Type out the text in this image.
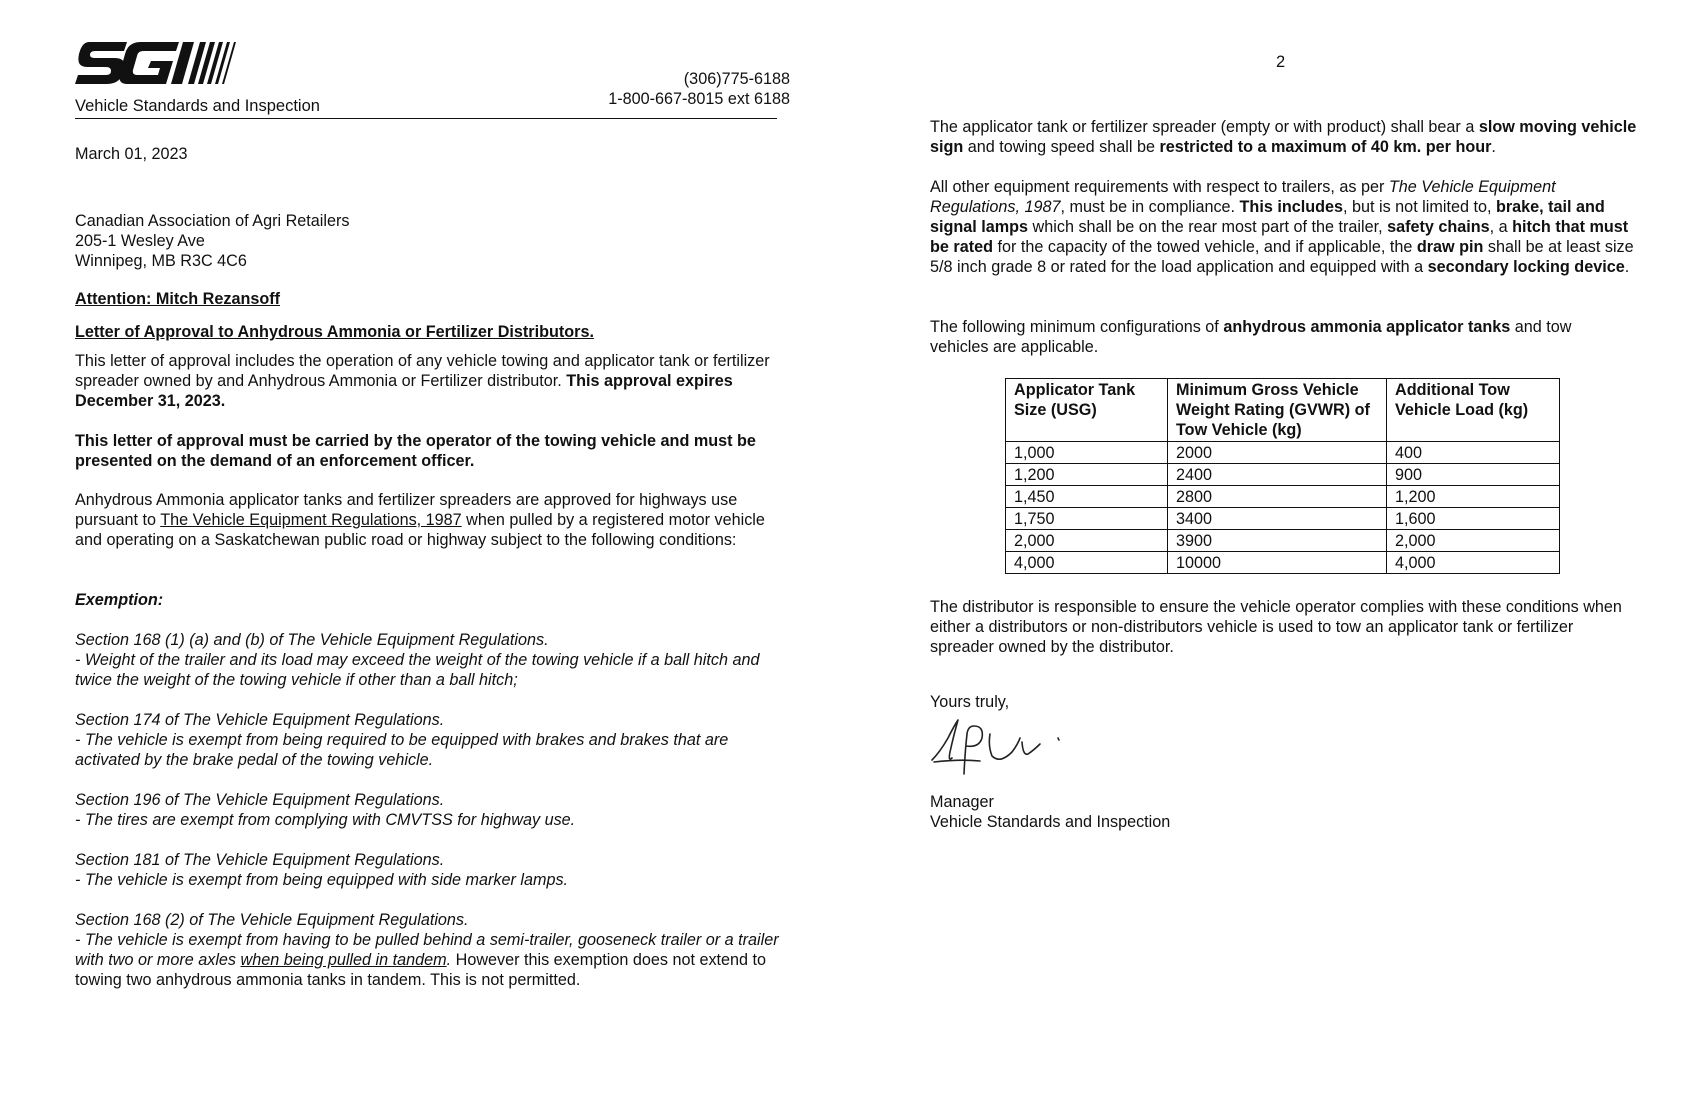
Vehicle Standards and Inspection
(306)775-6188
1-800-667-8015 ext 6188

March 01, 2023

Canadian Association of Agri Retailers
205-1 Wesley Ave
Winnipeg, MB R3C 4C6

Attention: Mitch Rezansoff

Letter of Approval to Anhydrous Ammonia or Fertilizer Distributors.

This letter of approval includes the operation of any vehicle towing and applicator tank or fertilizer spreader owned by and Anhydrous Ammonia or Fertilizer distributor. This approval expires December 31, 2023.

This letter of approval must be carried by the operator of the towing vehicle and must be presented on the demand of an enforcement officer.

Anhydrous Ammonia applicator tanks and fertilizer spreaders are approved for highways use pursuant to The Vehicle Equipment Regulations, 1987 when pulled by a registered motor vehicle and operating on a Saskatchewan public road or highway subject to the following conditions:

Exemption:

Section 168 (1) (a) and (b) of The Vehicle Equipment Regulations.
- Weight of the trailer and its load may exceed the weight of the towing vehicle if a ball hitch and twice the weight of the towing vehicle if other than a ball hitch;
Section 174 of The Vehicle Equipment Regulations.
- The vehicle is exempt from being required to be equipped with brakes and brakes that are activated by the brake pedal of the towing vehicle.
Section 196 of The Vehicle Equipment Regulations.
- The tires are exempt from complying with CMVTSS for highway use.
Section 181 of The Vehicle Equipment Regulations.
- The vehicle is exempt from being equipped with side marker lamps.
Section 168 (2) of The Vehicle Equipment Regulations.
- The vehicle is exempt from having to be pulled behind a semi-trailer, gooseneck trailer or a trailer with two or more axles when being pulled in tandem. However this exemption does not extend to towing two anhydrous ammonia tanks in tandem. This is not permitted.
2

The applicator tank or fertilizer spreader (empty or with product) shall bear a slow moving vehicle sign and towing speed shall be restricted to a maximum of 40 km. per hour.

All other equipment requirements with respect to trailers, as per The Vehicle Equipment Regulations, 1987, must be in compliance. This includes, but is not limited to, brake, tail and signal lamps which shall be on the rear most part of the trailer, safety chains, a hitch that must be rated for the capacity of the towed vehicle, and if applicable, the draw pin shall be at least size 5/8 inch grade 8 or rated for the load application and equipped with a secondary locking device.

The following minimum configurations of anhydrous ammonia applicator tanks and tow vehicles are applicable.

Applicator Tank Size (USG)	Minimum Gross Vehicle Weight Rating (GVWR) of Tow Vehicle (kg)	Additional Tow Vehicle Load (kg)
1,000	2000	400
1,200	2400	900
1,450	2800	1,200
1,750	3400	1,600
2,000	3900	2,000
4,000	10000	4,000

The distributor is responsible to ensure the vehicle operator complies with these conditions when either a distributors or non-distributors vehicle is used to tow an applicator tank or fertilizer spreader owned by the distributor.

Yours truly,

Manager
Vehicle Standards and Inspection
